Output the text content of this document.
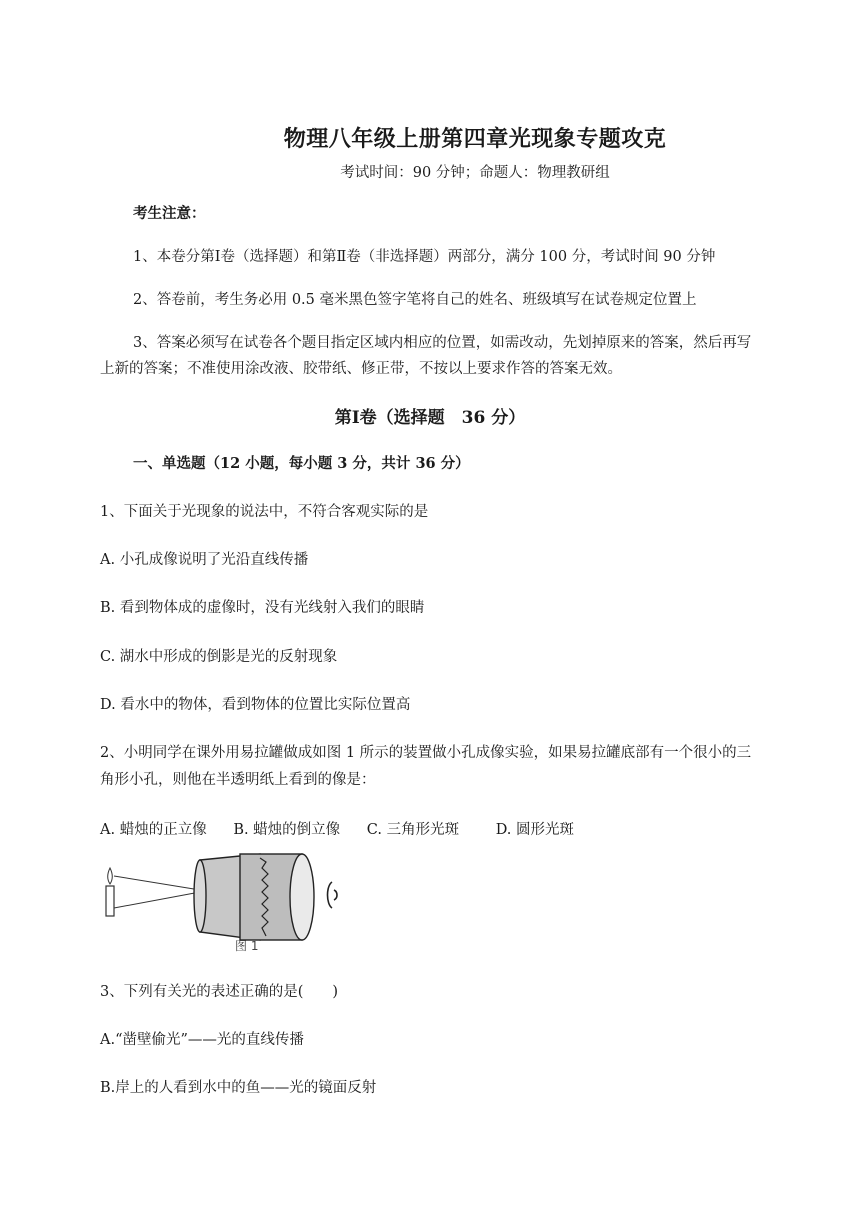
物理八年级上册第四章光现象专题攻克
考试时间：90 分钟；命题人：物理教研组
考生注意：
1、本卷分第Ⅰ卷（选择题）和第Ⅱ卷（非选择题）两部分，满分 100 分，考试时间 90 分钟
2、答卷前，考生务必用 0.5 毫米黑色签字笔将自己的姓名、班级填写在试卷规定位置上
3、答案必须写在试卷各个题目指定区域内相应的位置，如需改动，先划掉原来的答案，然后再写
上新的答案；不准使用涂改液、胶带纸、修正带，不按以上要求作答的答案无效。
第Ⅰ卷（选择题　36 分）
一、单选题（12 小题，每小题 3 分，共计 36 分）
1、下面关于光现象的说法中，不符合客观实际的是
A. 小孔成像说明了光沿直线传播
B. 看到物体成的虚像时，没有光线射入我们的眼睛
C. 湖水中形成的倒影是光的反射现象
D. 看水中的物体，看到物体的位置比实际位置高
2、小明同学在课外用易拉罐做成如图 1 所示的装置做小孔成像实验，如果易拉罐底部有一个很小的三
角形小孔，则他在半透明纸上看到的像是：
A. 蜡烛的正立像 B. 蜡烛的倒立像 C. 三角形光斑	D. 圆形光斑
图 1
3、下列有关光的表述正确的是(　　)
A.“凿壁偷光”——光的直线传播
B.岸上的人看到水中的鱼——光的镜面反射
